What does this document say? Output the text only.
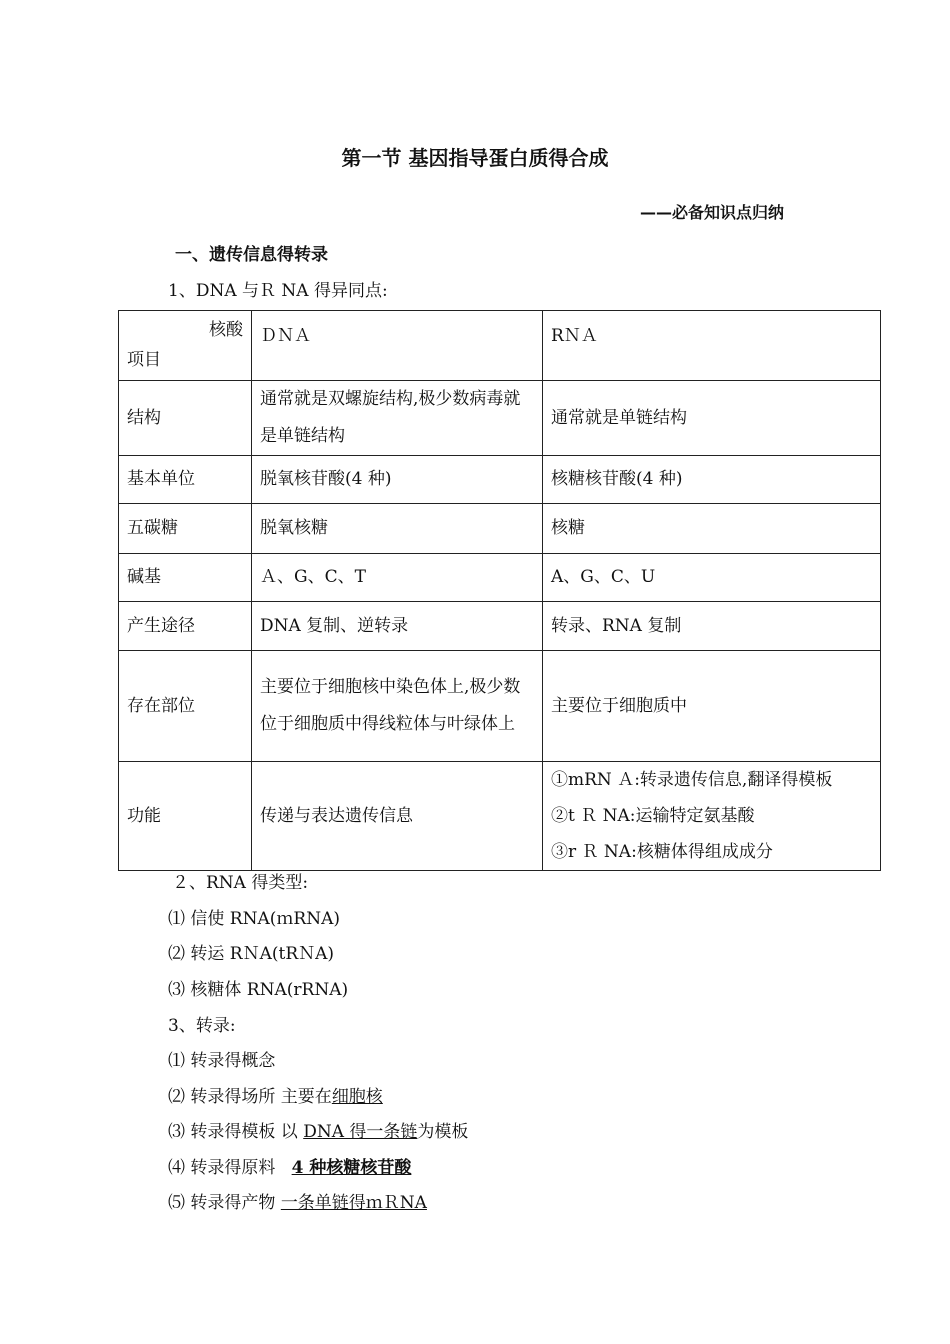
第一节 基因指导蛋白质得合成
——必备知识点归纳
一、遗传信息得转录
1、DNA 与Ｒ NA 得异同点:
核酸
项目	ＤＮＡ	RＮＡ
结构	通常就是双螺旋结构,极少数病毒就是单链结构	通常就是单链结构
基本单位	脱氧核苷酸(4 种)	核糖核苷酸(4 种)
五碳糖	脱氧核糖	核糖
碱基	Ａ、G、C、T	A、G、C、U
产生途径	DNA 复制、逆转录	转录、RNA 复制
存在部位	主要位于细胞核中染色体上,极少数位于细胞质中得线粒体与叶绿体上	主要位于细胞质中
功能	传递与表达遗传信息	①mRN Ａ:转录遗传信息,翻译得模板
②t Ｒ NA:运输特定氨基酸
③r Ｒ NA:核糖体得组成成分
２、RNA 得类型:
⑴ 信使 RNA(ｍRNA)
⑵ 转运 RＮA(tRＮA)
⑶ 核糖体 RNA(rRNA)
3、转录:
⑴ 转录得概念
⑵ 转录得场所 主要在细胞核
⑶ 转录得模板 以 DNA 得一条链为模板
⑷ 转录得原料   4 种核糖核苷酸
⑸ 转录得产物 一条单链得ｍＲNA
